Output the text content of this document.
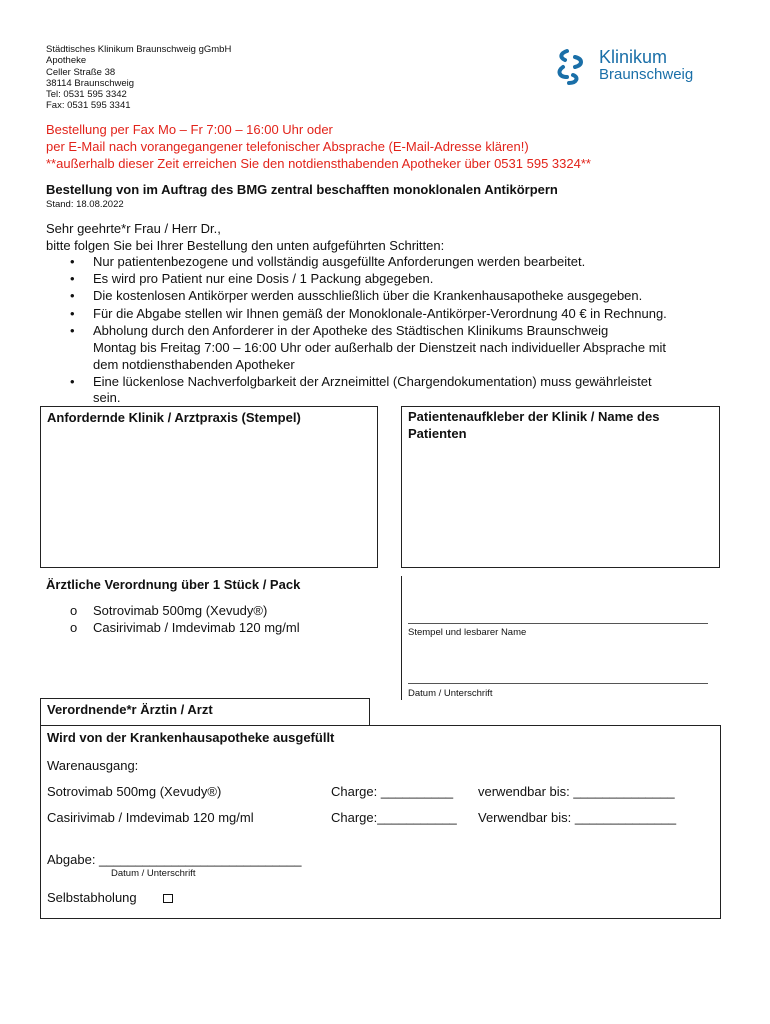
Städtisches Klinikum Braunschweig gGmbH
Apotheke
Celler Straße 38
38114 Braunschweig
Tel: 0531 595 3342
Fax: 0531 595 3341
Klinikum
Braunschweig
Bestellung per Fax Mo – Fr 7:00 – 16:00 Uhr oder
per E-Mail nach vorangegangener telefonischer Absprache (E-Mail-Adresse klären!)
**außerhalb dieser Zeit erreichen Sie den notdiensthabenden Apotheker über 0531 595 3324**
Bestellung von im Auftrag des BMG zentral beschafften monoklonalen Antikörpern
Stand: 18.08.2022
Sehr geehrte*r Frau / Herr Dr.,
bitte folgen Sie bei Ihrer Bestellung den unten aufgeführten Schritten:
• Nur patientenbezogene und vollständig ausgefüllte Anforderungen werden bearbeitet.
• Es wird pro Patient nur eine Dosis / 1 Packung abgegeben.
• Die kostenlosen Antikörper werden ausschließlich über die Krankenhausapotheke ausgegeben.
• Für die Abgabe stellen wir Ihnen gemäß der Monoklonale-Antikörper-Verordnung 40 € in Rechnung.
• Abholung durch den Anforderer in der Apotheke des Städtischen Klinikums Braunschweig
Montag bis Freitag 7:00 – 16:00 Uhr oder außerhalb der Dienstzeit nach individueller Absprache mit
dem notdiensthabenden Apotheker
• Eine lückenlose Nachverfolgbarkeit der Arzneimittel (Chargendokumentation) muss gewährleistet
sein.
Anfordernde Klinik / Arztpraxis (Stempel)	Patientenaufkleber der Klinik / Name des
Patienten
Ärztliche Verordnung über 1 Stück / Pack
o Sotrovimab 500mg (Xevudy®)
o Casirivimab / Imdevimab 120 mg/ml	Stempel und lesbarer Name
Datum / Unterschrift
Verordnende*r Ärztin / Arzt
Wird von der Krankenhausapotheke ausgefüllt
Warenausgang:
Sotrovimab 500mg (Xevudy®)	Charge: __________ verwendbar bis: ______________
Casirivimab / Imdevimab 120 mg/ml	Charge:___________ Verwendbar bis: ______________
Abgabe: ____________________________
Datum / Unterschrift
Selbstabholung
